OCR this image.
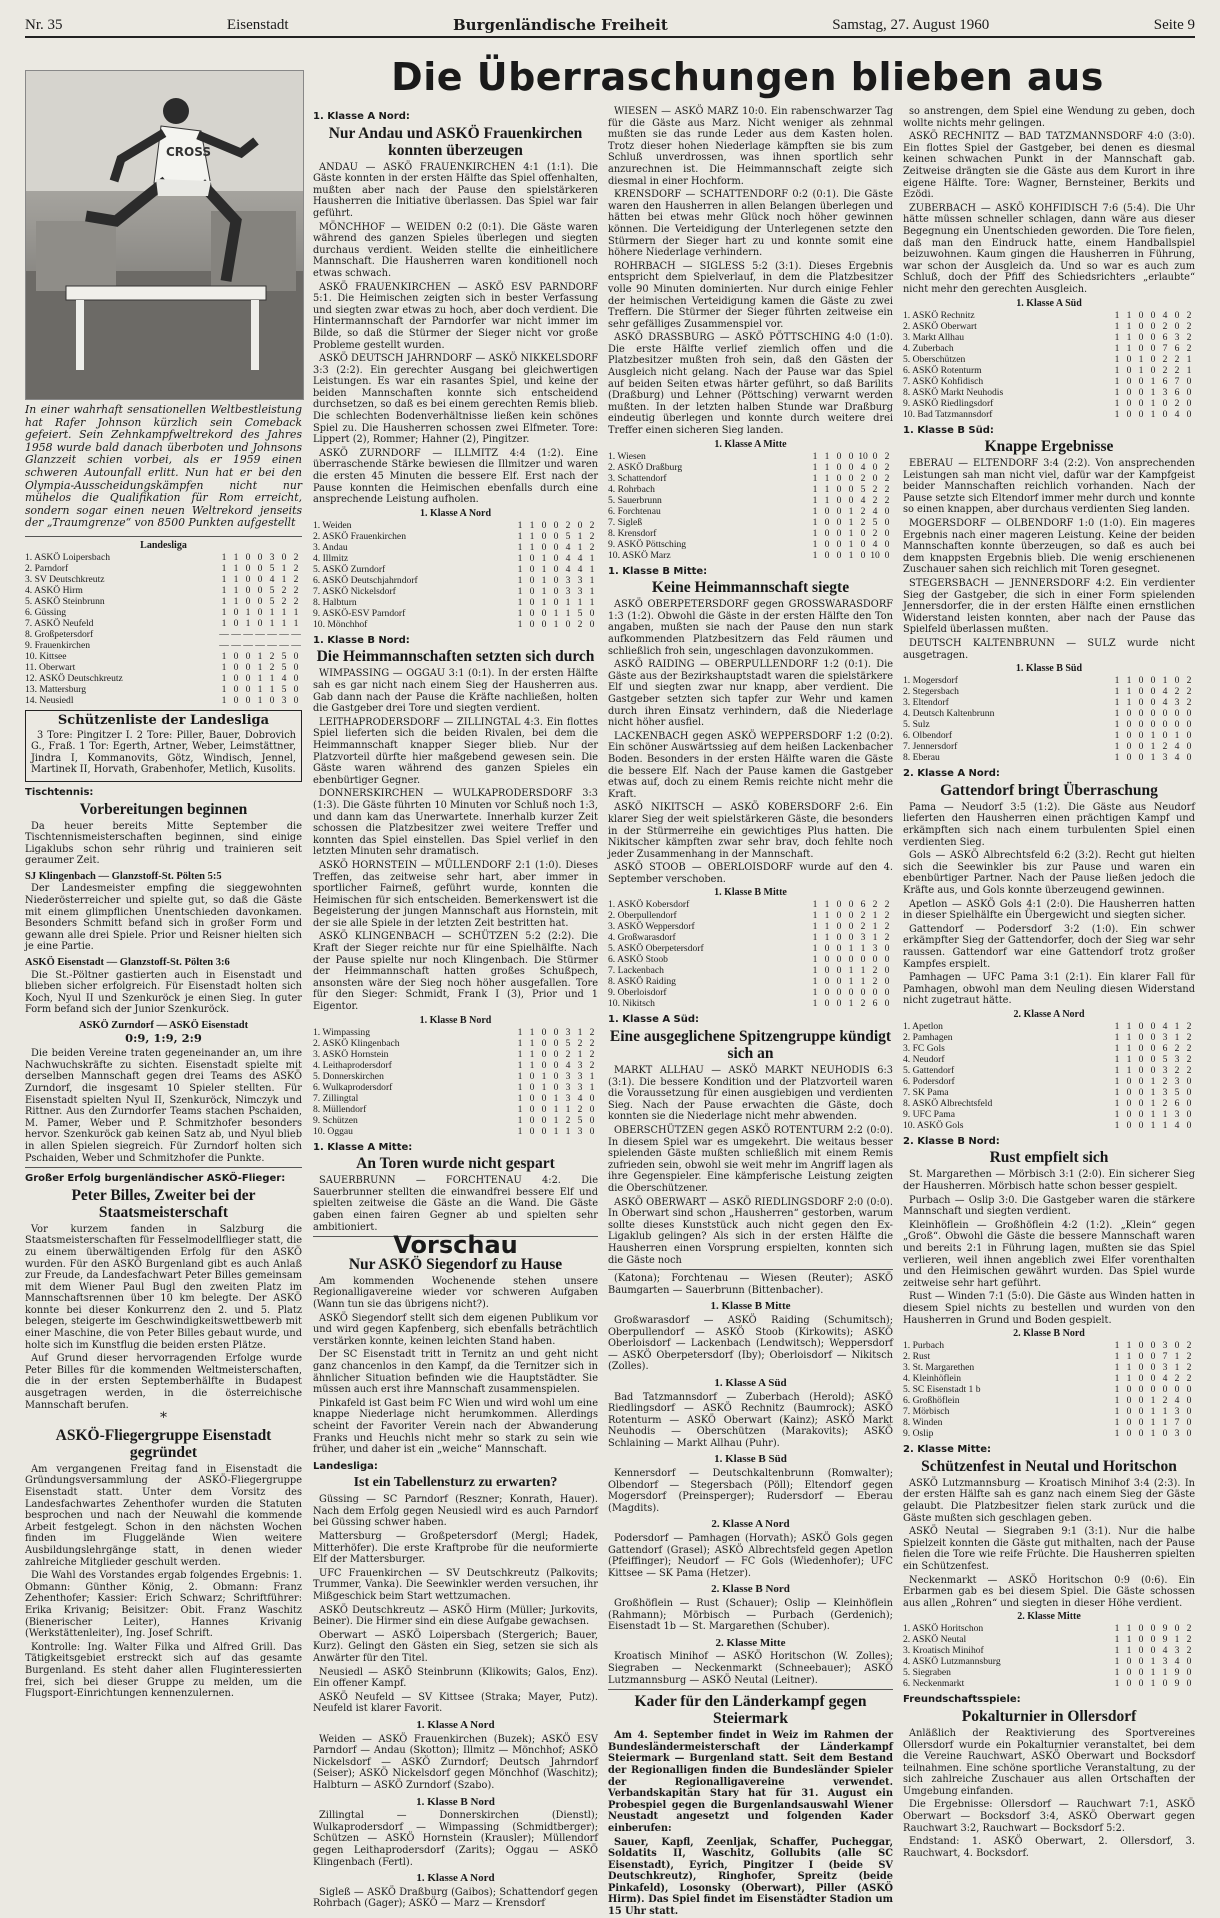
Nr. 35	Eisenstadt	Burgenländische Freiheit	Samstag, 27. August 1960	Seite 9
Die Überraschungen blieben aus
CROSS

In einer wahrhaft sensationellen Weltbestleistung hat Rafer Johnson kürzlich sein Comeback gefeiert. Sein Zehnkampfweltrekord des Jahres 1958 wurde bald danach überboten und Johnsons Glanzzeit schien vorbei, als er 1959 einen schweren Autounfall erlitt. Nun hat er bei den Olympia-Ausscheidungskämpfen nicht nur mühelos die Qualifikation für Rom erreicht, sondern sogar einen neuen Weltrekord jenseits der „Traumgrenze“ von 8500 Punkten aufgestellt

Landesliga
1. ASKÖ Loipersbach	1	1	0	0	3	0	2
2. Parndorf	1	1	0	0	5	1	2
3. SV Deutschkreutz	1	1	0	0	4	1	2
4. ASKÖ Hirm	1	1	0	0	5	2	2
5. ASKÖ Steinbrunn	1	1	0	0	5	2	2
6. Güssing	1	0	1	0	1	1	1
7. ASKÖ Neufeld	1	0	1	0	1	1	1
8. Großpetersdorf	—	—	—	—	—	—	—
9. Frauenkirchen	—	—	—	—	—	—	—
10. Kittsee	1	0	0	1	2	5	0
11. Oberwart	1	0	0	1	2	5	0
12. ASKÖ Deutschkreutz	1	0	0	1	1	4	0
13. Mattersburg	1	0	0	1	1	5	0
14. Neusiedl	1	0	0	1	0	3	0
Schützenliste der Landesliga

3 Tore: Pingitzer I. 2 Tore: Piller, Bauer, Dobrovich G., Fraß. 1 Tor: Egerth, Artner, Weber, Leimstättner, Jindra I, Kommanovits, Götz, Windisch, Jennel, Martinek II, Horvath, Grabenhofer, Metlich, Kusolits.

Tischtennis:
Vorbereitungen beginnen

Da heuer bereits Mitte September die Tischtennismeisterschaften beginnen, sind einige Ligaklubs schon sehr rührig und trainieren seit geraumer Zeit.

SJ Klingenbach — Glanzstoff-St. Pölten 5:5

Der Landesmeister empfing die sieggewohnten Niederösterreicher und spielte gut, so daß die Gäste mit einem glimpflichen Unentschieden davonkamen. Besonders Schmitt befand sich in großer Form und gewann alle drei Spiele. Prior und Reisner hielten sich je eine Partie.

ASKÖ Eisenstadt — Glanzstoff-St. Pölten 3:6

Die St.-Pöltner gastierten auch in Eisenstadt und blieben sicher erfolgreich. Für Eisenstadt holten sich Koch, Nyul II und Szenkuröck je einen Sieg. In guter Form befand sich der Junior Szenkuröck.

ASKÖ Zurndorf — ASKÖ Eisenstadt
0:9, 1:9, 2:9

Die beiden Vereine traten gegeneinander an, um ihre Nachwuchskräfte zu sichten. Eisenstadt spielte mit derselben Mannschaft gegen drei Teams des ASKÖ Zurndorf, die insgesamt 10 Spieler stellten. Für Eisenstadt spielten Nyul II, Szenkuröck, Nimczyk und Rittner. Aus den Zurndorfer Teams stachen Pschaiden, M. Pamer, Weber und P. Schmitzhofer besonders hervor. Szenkuröck gab keinen Satz ab, und Nyul blieb in allen Spielen siegreich. Für Zurndorf holten sich Pschaiden, Weber und Schmitzhofer die Punkte.

Großer Erfolg burgenländischer ASKÖ-Flieger:
Peter Billes, Zweiter bei der Staatsmeisterschaft

Vor kurzem fanden in Salzburg die Staatsmeisterschaften für Fesselmodellflieger statt, die zu einem überwältigenden Erfolg für den ASKÖ wurden. Für den ASKÖ Burgenland gibt es auch Anlaß zur Freude, da Landesfachwart Peter Billes gemeinsam mit dem Wiener Paul Bugl den zweiten Platz im Mannschaftsrennen über 10 km belegte. Der ASKÖ konnte bei dieser Konkurrenz den 2. und 5. Platz belegen, steigerte im Geschwindigkeitswettbewerb mit einer Maschine, die von Peter Billes gebaut wurde, und holte sich im Kunstflug die beiden ersten Plätze.

Auf Grund dieser hervorragenden Erfolge wurde Peter Billes für die kommenden Weltmeisterschaften, die in der ersten Septemberhälfte in Budapest ausgetragen werden, in die österreichische Mannschaft berufen.

*
ASKÖ-Fliegergruppe Eisenstadt gegründet

Am vergangenen Freitag fand in Eisenstadt die Gründungsversammlung der ASKÖ-Fliegergruppe Eisenstadt statt. Unter dem Vorsitz des Landesfachwartes Zehenthofer wurden die Statuten besprochen und nach der Neuwahl die kommende Arbeit festgelegt. Schon in den nächsten Wochen finden im Fluggelände Wien weitere Ausbildungslehrgänge statt, in denen wieder zahlreiche Mitglieder geschult werden.

Die Wahl des Vorstandes ergab folgendes Ergebnis: 1. Obmann: Günther König, 2. Obmann: Franz Zehenthofer; Kassier: Erich Schwarz; Schriftführer: Erika Krivanig; Beisitzer: Obit. Franz Waschitz (Bienerischer Leiter), Hannes Krivanig (Werkstättenleiter), Ing. Josef Schrift.

Kontrolle: Ing. Walter Filka und Alfred Grill. Das Tätigkeitsgebiet erstreckt sich auf das gesamte Burgenland. Es steht daher allen Fluginteressierten frei, sich bei dieser Gruppe zu melden, um die Flugsport-Einrichtungen kennenzulernen.

1. Klasse A Nord:
Nur Andau und ASKÖ Frauenkirchen konnten überzeugen

ANDAU — ASKÖ FRAUENKIRCHEN 4:1 (1:1). Die Gäste konnten in der ersten Hälfte das Spiel offenhalten, mußten aber nach der Pause den spielstärkeren Hausherren die Initiative überlassen. Das Spiel war fair geführt.

MÖNCHHOF — WEIDEN 0:2 (0:1). Die Gäste waren während des ganzen Spieles überlegen und siegten durchaus verdient. Weiden stellte die einheitlichere Mannschaft. Die Hausherren waren konditionell noch etwas schwach.

ASKÖ FRAUENKIRCHEN — ASKÖ ESV PARNDORF 5:1. Die Heimischen zeigten sich in bester Verfassung und siegten zwar etwas zu hoch, aber doch verdient. Die Hintermannschaft der Parndorfer war nicht immer im Bilde, so daß die Stürmer der Sieger nicht vor große Probleme gestellt wurden.

ASKÖ DEUTSCH JAHRNDORF — ASKÖ NIKKELSDORF 3:3 (2:2). Ein gerechter Ausgang bei gleichwertigen Leistungen. Es war ein rasantes Spiel, und keine der beiden Mannschaften konnte sich entscheidend durchsetzen, so daß es bei einem gerechten Remis blieb. Die schlechten Bodenverhältnisse ließen kein schönes Spiel zu. Die Hausherren schossen zwei Elfmeter. Tore: Lippert (2), Rommer; Hahner (2), Pingitzer.

ASKÖ ZURNDORF — ILLMITZ 4:4 (1:2). Eine überraschende Stärke bewiesen die Illmitzer und waren die ersten 45 Minuten die bessere Elf. Erst nach der Pause konnten die Heimischen ebenfalls durch eine ansprechende Leistung aufholen.

1. Klasse A Nord
1. Weiden	1	1	0	0	2	0	2
2. ASKÖ Frauenkirchen	1	1	0	0	5	1	2
3. Andau	1	1	0	0	4	1	2
4. Illmitz	1	0	1	0	4	4	1
5. ASKÖ Zurndorf	1	0	1	0	4	4	1
6. ASKÖ Deutschjahrndorf	1	0	1	0	3	3	1
7. ASKÖ Nickelsdorf	1	0	1	0	3	3	1
8. Halbturn	1	0	1	0	1	1	1
9. ASKÖ-ESV Parndorf	1	0	0	1	1	5	0
10. Mönchhof	1	0	0	1	0	2	0
1. Klasse B Nord:
Die Heimmannschaften setzten sich durch

WIMPASSING — OGGAU 3:1 (0:1). In der ersten Hälfte sah es gar nicht nach einem Sieg der Hausherren aus. Gab dann nach der Pause die Kräfte nachließen, holten die Gastgeber drei Tore und siegten verdient.

LEITHAPRODERSDORF — ZILLINGTAL 4:3. Ein flottes Spiel lieferten sich die beiden Rivalen, bei dem die Heimmannschaft knapper Sieger blieb. Nur der Platzvorteil dürfte hier maßgebend gewesen sein. Die Gäste waren während des ganzen Spieles ein ebenbürtiger Gegner.

DONNERSKIRCHEN — WULKAPRODERSDORF 3:3 (1:3). Die Gäste führten 10 Minuten vor Schluß noch 1:3, und dann kam das Unerwartete. Innerhalb kurzer Zeit schossen die Platzbesitzer zwei weitere Treffer und konnten das Spiel einstellen. Das Spiel verlief in den letzten Minuten sehr dramatisch.

ASKÖ HORNSTEIN — MÜLLENDORF 2:1 (1:0). Dieses Treffen, das zeitweise sehr hart, aber immer in sportlicher Fairneß, geführt wurde, konnten die Heimischen für sich entscheiden. Bemerkenswert ist die Begeisterung der jungen Mannschaft aus Hornstein, mit der sie alle Spiele in der letzten Zeit bestritten hat.

ASKÖ KLINGENBACH — SCHÜTZEN 5:2 (2:2). Die Kraft der Sieger reichte nur für eine Spielhälfte. Nach der Pause spielte nur noch Klingenbach. Die Stürmer der Heimmannschaft hatten großes Schußpech, ansonsten wäre der Sieg noch höher ausgefallen. Tore für den Sieger: Schmidt, Frank I (3), Prior und 1 Eigentor.

1. Klasse B Nord
1. Wimpassing	1	1	0	0	3	1	2
2. ASKÖ Klingenbach	1	1	0	0	5	2	2
3. ASKÖ Hornstein	1	1	0	0	2	1	2
4. Leithaprodersdorf	1	1	0	0	4	3	2
5. Donnerskirchen	1	0	1	0	3	3	1
6. Wulkaprodersdorf	1	0	1	0	3	3	1
7. Zillingtal	1	0	0	1	3	4	0
8. Müllendorf	1	0	0	1	1	2	0
9. Schützen	1	0	0	1	2	5	0
10. Oggau	1	0	0	1	1	3	0
1. Klasse A Mitte:
An Toren wurde nicht gespart

SAUERBRUNN — FORCHTENAU 4:2. Die Sauerbrunner stellten die einwandfrei bessere Elf und spielten zeitweise die Gäste an die Wand. Die Gäste gaben einen fairen Gegner ab und spielten sehr ambitioniert.

Vorschau
Nur ASKÖ Siegendorf zu Hause

Am kommenden Wochenende stehen unsere Regionalligavereine wieder vor schweren Aufgaben (Wann tun sie das übrigens nicht?).

ASKÖ Siegendorf stellt sich dem eigenen Publikum vor und wird gegen Kapfenberg, sich ebenfalls beträchtlich verstärken konnte, keinen leichten Stand haben.

Der SC Eisenstadt tritt in Ternitz an und geht nicht ganz chancenlos in den Kampf, da die Ternitzer sich in ähnlicher Situation befinden wie die Hauptstädter. Sie müssen auch erst ihre Mannschaft zusammenspielen.

Pinkafeld ist Gast beim FC Wien und wird wohl um eine knappe Niederlage nicht herumkommen. Allerdings scheint der Favoriter Verein nach der Abwanderung Franks und Heuchls nicht mehr so stark zu sein wie früher, und daher ist ein „weiche“ Mannschaft.

Landesliga:
Ist ein Tabellensturz zu erwarten?

Güssing — SC Parndorf (Reszner; Konrath, Hauer). Nach dem Erfolg gegen Neusiedl wird es auch Parndorf bei Güssing schwer haben.

Mattersburg — Großpetersdorf (Mergl; Hadek, Mitterhöfer). Die erste Kraftprobe für die neuformierte Elf der Mattersburger.

UFC Frauenkirchen — SV Deutschkreutz (Palkovits; Trummer, Vanka). Die Seewinkler werden versuchen, ihr Mißgeschick beim Start wettzumachen.

ASKÖ Deutschkreutz — ASKÖ Hirm (Müller; Jurkovits, Beiner). Die Hirmer sind ein diese Aufgabe gewachsen.

Oberwart — ASKÖ Loipersbach (Stergerich; Bauer, Kurz). Gelingt den Gästen ein Sieg, setzen sie sich als Anwärter für den Titel.

Neusiedl — ASKÖ Steinbrunn (Klikowits; Galos, Enz). Ein offener Kampf.

ASKÖ Neufeld — SV Kittsee (Straka; Mayer, Putz). Neufeld ist klarer Favorit.

1. Klasse A Nord

Weiden — ASKÖ Frauenkirchen (Buzek); ASKÖ ESV Parndorf — Andau (Skotton); Illmitz — Mönchhof; ASKÖ Nickelsdorf — ASKÖ Zurndorf; Deutsch Jahrndorf (Seiser); ASKÖ Nickelsdorf gegen Mönchhof (Waschitz); Halbturn — ASKÖ Zurndorf (Szabo).

1. Klasse B Nord

Zillingtal — Donnerskirchen (Dienstl); Wulkaprodersdorf — Wimpassing (Schmidtberger); Schützen — ASKÖ Hornstein (Krausler); Müllendorf gegen Leithaprodersdorf (Zarits); Oggau — ASKÖ Klingenbach (Fertl).

1. Klasse A Nord

Sigleß — ASKÖ Draßburg (Gaibos); Schattendorf gegen Rohrbach (Gager); ASKÖ — Marz — Krensdorf

WIESEN — ASKÖ MARZ 10:0. Ein rabenschwarzer Tag für die Gäste aus Marz. Nicht weniger als zehnmal mußten sie das runde Leder aus dem Kasten holen. Trotz dieser hohen Niederlage kämpften sie bis zum Schluß unverdrossen, was ihnen sportlich sehr anzurechnen ist. Die Heimmannschaft zeigte sich diesmal in einer Hochform.

KRENSDORF — SCHATTENDORF 0:2 (0:1). Die Gäste waren den Hausherren in allen Belangen überlegen und hätten bei etwas mehr Glück noch höher gewinnen können. Die Verteidigung der Unterlegenen setzte den Stürmern der Sieger hart zu und konnte somit eine höhere Niederlage verhindern.

ROHRBACH — SIGLESS 5:2 (3:1). Dieses Ergebnis entspricht dem Spielverlauf, in dem die Platzbesitzer volle 90 Minuten dominierten. Nur durch einige Fehler der heimischen Verteidigung kamen die Gäste zu zwei Treffern. Die Stürmer der Sieger führten zeitweise ein sehr gefälliges Zusammenspiel vor.

ASKÖ DRASSBURG — ASKÖ PÖTTSCHING 4:0 (1:0). Die erste Hälfte verlief ziemlich offen und die Platzbesitzer mußten froh sein, daß den Gästen der Ausgleich nicht gelang. Nach der Pause war das Spiel auf beiden Seiten etwas härter geführt, so daß Barilits (Draßburg) und Lehner (Pöttsching) verwarnt werden mußten. In der letzten halben Stunde war Draßburg eindeutig überlegen und konnte durch weitere drei Treffer einen sicheren Sieg landen.

1. Klasse A Mitte
1. Wiesen	1	1	0	0	10	0	2
2. ASKÖ Draßburg	1	1	0	0	4	0	2
3. Schattendorf	1	1	0	0	2	0	2
4. Rohrbach	1	1	0	0	5	2	2
5. Sauerbrunn	1	1	0	0	4	2	2
6. Forchtenau	1	0	0	1	2	4	0
7. Sigleß	1	0	0	1	2	5	0
8. Krensdorf	1	0	0	1	0	2	0
9. ASKÖ Pöttsching	1	0	0	1	0	4	0
10. ASKÖ Marz	1	0	0	1	0	10	0
1. Klasse B Mitte:
Keine Heimmannschaft siegte

ASKÖ OBERPETERSDORF gegen GROSSWARASDORF 1:3 (1:2). Obwohl die Gäste in der ersten Hälfte den Ton angaben, mußten sie nach der Pause den nun stark aufkommenden Platzbesitzern das Feld räumen und schließlich froh sein, ungeschlagen davonzukommen.

ASKÖ RAIDING — OBERPULLENDORF 1:2 (0:1). Die Gäste aus der Bezirkshauptstadt waren die spielstärkere Elf und siegten zwar nur knapp, aber verdient. Die Gastgeber setzten sich tapfer zur Wehr und kamen durch ihren Einsatz verhindern, daß die Niederlage nicht höher ausfiel.

LACKENBACH gegen ASKÖ WEPPERSDORF 1:2 (0:2). Ein schöner Auswärtssieg auf dem heißen Lackenbacher Boden. Besonders in der ersten Hälfte waren die Gäste die bessere Elf. Nach der Pause kamen die Gastgeber etwas auf, doch zu einem Remis reichte nicht mehr die Kraft.

ASKÖ NIKITSCH — ASKÖ KOBERSDORF 2:6. Ein klarer Sieg der weit spielstärkeren Gäste, die besonders in der Stürmerreihe ein gewichtiges Plus hatten. Die Nikitscher kämpften zwar sehr brav, doch fehlte noch jeder Zusammenhang in der Mannschaft.

ASKÖ STOOB — OBERLOISDORF wurde auf den 4. September verschoben.

1. Klasse B Mitte
1. ASKÖ Kobersdorf	1	1	0	0	6	2	2
2. Oberpullendorf	1	1	0	0	2	1	2
3. ASKÖ Weppersdorf	1	1	0	0	2	1	2
4. Großwarasdorf	1	1	0	0	3	1	2
5. ASKÖ Oberpetersdorf	1	0	0	1	1	3	0
6. ASKÖ Stoob	1	0	0	0	0	0	0
7. Lackenbach	1	0	0	1	1	2	0
8. ASKÖ Raiding	1	0	0	1	1	2	0
9. Oberloisdorf	1	0	0	0	0	0	0
10. Nikitsch	1	0	0	1	2	6	0
1. Klasse A Süd:
Eine ausgeglichene Spitzengruppe kündigt sich an

MARKT ALLHAU — ASKÖ MARKT NEUHODIS 6:3 (3:1). Die bessere Kondition und der Platzvorteil waren die Voraussetzung für einen ausgiebigen und verdienten Sieg. Nach der Pause erwachten die Gäste, doch konnten sie die Niederlage nicht mehr abwenden.

OBERSCHÜTZEN gegen ASKÖ ROTENTURM 2:2 (0:0). In diesem Spiel war es umgekehrt. Die weitaus besser spielenden Gäste mußten schließlich mit einem Remis zufrieden sein, obwohl sie weit mehr im Angriff lagen als ihre Gegenspieler. Eine kämpferische Leistung zeigten die Oberschützener.

ASKÖ OBERWART — ASKÖ RIEDLINGSDORF 2:0 (0:0). In Oberwart sind schon „Hausherren“ gestorben, warum sollte dieses Kunststück auch nicht gegen den Ex-Ligaklub gelingen? Als sich in der ersten Hälfte die Hausherren einen Vorsprung erspielten, konnten sich die Gäste noch

(Katona); Forchtenau — Wiesen (Reuter); ASKÖ Baumgarten — Sauerbrunn (Bittenbacher).

1. Klasse B Mitte

Großwarasdorf — ASKÖ Raiding (Schumitsch); Oberpullendorf — ASKÖ Stoob (Kirkowits); ASKÖ Oberloisdorf — Lackenbach (Lendwitsch); Weppersdorf — ASKÖ Oberpetersdorf (Iby); Oberloisdorf — Nikitsch (Zolles).

1. Klasse A Süd

Bad Tatzmannsdorf — Zuberbach (Herold); ASKÖ Riedlingsdorf — ASKÖ Rechnitz (Baumrock); ASKÖ Rotenturm — ASKÖ Oberwart (Kainz); ASKÖ Markt Neuhodis — Oberschützen (Marakovits); ASKÖ Schlaining — Markt Allhau (Puhr).

1. Klasse B Süd

Kennersdorf — Deutschkaltenbrunn (Romwalter); Olbendorf — Stegersbach (Pöll); Eltendorf gegen Mogersdorf (Preinsperger); Rudersdorf — Eberau (Magdits).

2. Klasse A Nord

Podersdorf — Pamhagen (Horvath); ASKÖ Gols gegen Gattendorf (Grasel); ASKÖ Albrechtsfeld gegen Apetlon (Pfeiffinger); Neudorf — FC Gols (Wiedenhofer); UFC Kittsee — SK Pama (Hetzer).

2. Klasse B Nord

Großhöflein — Rust (Schauer); Oslip — Kleinhöflein (Rahmann); Mörbisch — Purbach (Gerdenich); Eisenstadt 1b — St. Margarethen (Schuber).

2. Klasse Mitte

Kroatisch Minihof — ASKÖ Horitschon (W. Zolles); Siegraben — Neckenmarkt (Schneebauer); ASKÖ Lutzmannsburg — ASKÖ Neutal (Leitner).

Kader für den Länderkampf gegen Steiermark

Am 4. September findet in Weiz im Rahmen der Bundesländermeisterschaft der Länderkampf Steiermark — Burgenland statt. Seit dem Bestand der Regionalligen finden die Bundesländer Spieler der Regionalligavereine verwendet. Verbandskapitän Stary hat für 31. August ein Probespiel gegen die Burgenlandsauswahl Wiener Neustadt angesetzt und folgenden Kader einberufen:

Sauer, Kapfl, Zeenljak, Schaffer, Pucheggar, Soldatits II, Waschitz, Gollubits (alle SC Eisenstadt), Eyrich, Pingitzer I (beide SV Deutschkreutz), Ringhofer, Spreitz (beide Pinkafeld), Losonsky (Oberwart), Piller (ASKÖ Hirm). Das Spiel findet im Eisenstädter Stadion um 15 Uhr statt.

so anstrengen, dem Spiel eine Wendung zu geben, doch wollte nichts mehr gelingen.

ASKÖ RECHNITZ — BAD TATZMANNSDORF 4:0 (3:0). Ein flottes Spiel der Gastgeber, bei denen es diesmal keinen schwachen Punkt in der Mannschaft gab. Zeitweise drängten sie die Gäste aus dem Kurort in ihre eigene Hälfte. Tore: Wagner, Bernsteiner, Berkits und Ezödi.

ZUBERBACH — ASKÖ KOHFIDISCH 7:6 (5:4). Die Uhr hätte müssen schneller schlagen, dann wäre aus dieser Begegnung ein Unentschieden geworden. Die Tore fielen, daß man den Eindruck hatte, einem Handballspiel beizuwohnen. Kaum gingen die Hausherren in Führung, war schon der Ausgleich da. Und so war es auch zum Schluß, doch der Pfiff des Schiedsrichters „erlaubte“ nicht mehr den gerechten Ausgleich.

1. Klasse A Süd
1. ASKÖ Rechnitz	1	1	0	0	4	0	2
2. ASKÖ Oberwart	1	1	0	0	2	0	2
3. Markt Allhau	1	1	0	0	6	3	2
4. Zuberbach	1	1	0	0	7	6	2
5. Oberschützen	1	0	1	0	2	2	1
6. ASKÖ Rotenturm	1	0	1	0	2	2	1
7. ASKÖ Kohfidisch	1	0	0	1	6	7	0
8. ASKÖ Markt Neuhodis	1	0	0	1	3	6	0
9. ASKÖ Riedlingsdorf	1	0	0	1	0	2	0
10. Bad Tatzmannsdorf	1	0	0	1	0	4	0
1. Klasse B Süd:
Knappe Ergebnisse

EBERAU — ELTENDORF 3:4 (2:2). Von ansprechenden Leistungen sah man nicht viel, dafür war der Kampfgeist beider Mannschaften reichlich vorhanden. Nach der Pause setzte sich Eltendorf immer mehr durch und konnte so einen knappen, aber durchaus verdienten Sieg landen.

MOGERSDORF — OLBENDORF 1:0 (1:0). Ein mageres Ergebnis nach einer mageren Leistung. Keine der beiden Mannschaften konnte überzeugen, so daß es auch bei dem knappsten Ergebnis blieb. Die wenig erschienenen Zuschauer sahen sich reichlich mit Toren gesegnet.

STEGERSBACH — JENNERSDORF 4:2. Ein verdienter Sieg der Gastgeber, die sich in einer Form spielenden Jennersdorfer, die in der ersten Hälfte einen ernstlichen Widerstand leisten konnten, aber nach der Pause das Spielfeld überlassen mußten.

DEUTSCH KALTENBRUNN — SULZ wurde nicht ausgetragen.

1. Klasse B Süd
1. Mogersdorf	1	1	0	0	1	0	2
2. Stegersbach	1	1	0	0	4	2	2
3. Eltendorf	1	1	0	0	4	3	2
4. Deutsch Kaltenbrunn	1	0	0	0	0	0	0
5. Sulz	1	0	0	0	0	0	0
6. Olbendorf	1	0	0	1	0	1	0
7. Jennersdorf	1	0	0	1	2	4	0
8. Eberau	1	0	0	1	3	4	0
2. Klasse A Nord:
Gattendorf bringt Überraschung

Pama — Neudorf 3:5 (1:2). Die Gäste aus Neudorf lieferten den Hausherren einen prächtigen Kampf und erkämpften sich nach einem turbulenten Spiel einen verdienten Sieg.

Gols — ASKÖ Albrechtsfeld 6:2 (3:2). Recht gut hielten sich die Seewinkler bis zur Pause und waren ein ebenbürtiger Partner. Nach der Pause ließen jedoch die Kräfte aus, und Gols konnte überzeugend gewinnen.

Apetlon — ASKÖ Gols 4:1 (2:0). Die Hausherren hatten in dieser Spielhälfte ein Übergewicht und siegten sicher.

Gattendorf — Podersdorf 3:2 (1:0). Ein schwer erkämpfter Sieg der Gattendorfer, doch der Sieg war sehr raussen. Gattendorf war eine Gattendorf trotz großer Kampfes erspielt.

Pamhagen — UFC Pama 3:1 (2:1). Ein klarer Fall für Pamhagen, obwohl man dem Neuling diesen Widerstand nicht zugetraut hätte.

2. Klasse A Nord
1. Apetlon	1	1	0	0	4	1	2
2. Pamhagen	1	1	0	0	3	1	2
3. FC Gols	1	1	0	0	6	2	2
4. Neudorf	1	1	0	0	5	3	2
5. Gattendorf	1	1	0	0	3	2	2
6. Podersdorf	1	0	0	1	2	3	0
7. SK Pama	1	0	0	1	3	5	0
8. ASKÖ Albrechtsfeld	1	0	0	1	2	6	0
9. UFC Pama	1	0	0	1	1	3	0
10. ASKÖ Gols	1	0	0	1	1	4	0
2. Klasse B Nord:
Rust empfielt sich

St. Margarethen — Mörbisch 3:1 (2:0). Ein sicherer Sieg der Hausherren. Mörbisch hatte schon besser gespielt.

Purbach — Oslip 3:0. Die Gastgeber waren die stärkere Mannschaft und siegten verdient.

Kleinhöflein — Großhöflein 4:2 (1:2). „Klein“ gegen „Groß“. Obwohl die Gäste die bessere Mannschaft waren und bereits 2:1 in Führung lagen, mußten sie das Spiel verlieren, weil ihnen angeblich zwei Elfer vorenthalten und den Heimischen gewährt wurden. Das Spiel wurde zeitweise sehr hart geführt.

Rust — Winden 7:1 (5:0). Die Gäste aus Winden hatten in diesem Spiel nichts zu bestellen und wurden von den Hausherren in Grund und Boden gespielt.

2. Klasse B Nord
1. Purbach	1	1	0	0	3	0	2
2. Rust	1	1	0	0	7	1	2
3. St. Margarethen	1	1	0	0	3	1	2
4. Kleinhöflein	1	1	0	0	4	2	2
5. SC Eisenstadt 1 b	1	0	0	0	0	0	0
6. Großhöflein	1	0	0	1	2	4	0
7. Mörbisch	1	0	0	1	1	3	0
8. Winden	1	0	0	1	1	7	0
9. Oslip	1	0	0	1	0	3	0
2. Klasse Mitte:
Schützenfest in Neutal und Horitschon

ASKÖ Lutzmannsburg — Kroatisch Minihof 3:4 (2:3). In der ersten Hälfte sah es ganz nach einem Sieg der Gäste gelaubt. Die Platzbesitzer fielen stark zurück und die Gäste mußten sich geschlagen geben.

ASKÖ Neutal — Siegraben 9:1 (3:1). Nur die halbe Spielzeit konnten die Gäste gut mithalten, nach der Pause fielen die Tore wie reife Früchte. Die Hausherren spielten ein Schützenfest.

Neckenmarkt — ASKÖ Horitschon 0:9 (0:6). Ein Erbarmen gab es bei diesem Spiel. Die Gäste schossen aus allen „Rohren“ und siegten in dieser Höhe verdient.

2. Klasse Mitte
1. ASKÖ Horitschon	1	1	0	0	9	0	2
2. ASKÖ Neutal	1	1	0	0	9	1	2
3. Kroatisch Minihof	1	1	0	0	4	3	2
4. ASKÖ Lutzmannsburg	1	0	0	1	3	4	0
5. Siegraben	1	0	0	1	1	9	0
6. Neckenmarkt	1	0	0	1	0	9	0
Freundschaftsspiele:
Pokalturnier in Ollersdorf

Anläßlich der Reaktivierung des Sportvereines Ollersdorf wurde ein Pokalturnier veranstaltet, bei dem die Vereine Rauchwart, ASKÖ Oberwart und Bocksdorf teilnahmen. Eine schöne sportliche Veranstaltung, zu der sich zahlreiche Zuschauer aus allen Ortschaften der Umgebung einfanden.

Die Ergebnisse: Ollersdorf — Rauchwart 7:1, ASKÖ Oberwart — Bocksdorf 3:4, ASKÖ Oberwart gegen Rauchwart 3:2, Rauchwart — Bocksdorf 5:2.

Endstand: 1. ASKÖ Oberwart, 2. Ollersdorf, 3. Rauchwart, 4. Bocksdorf.
